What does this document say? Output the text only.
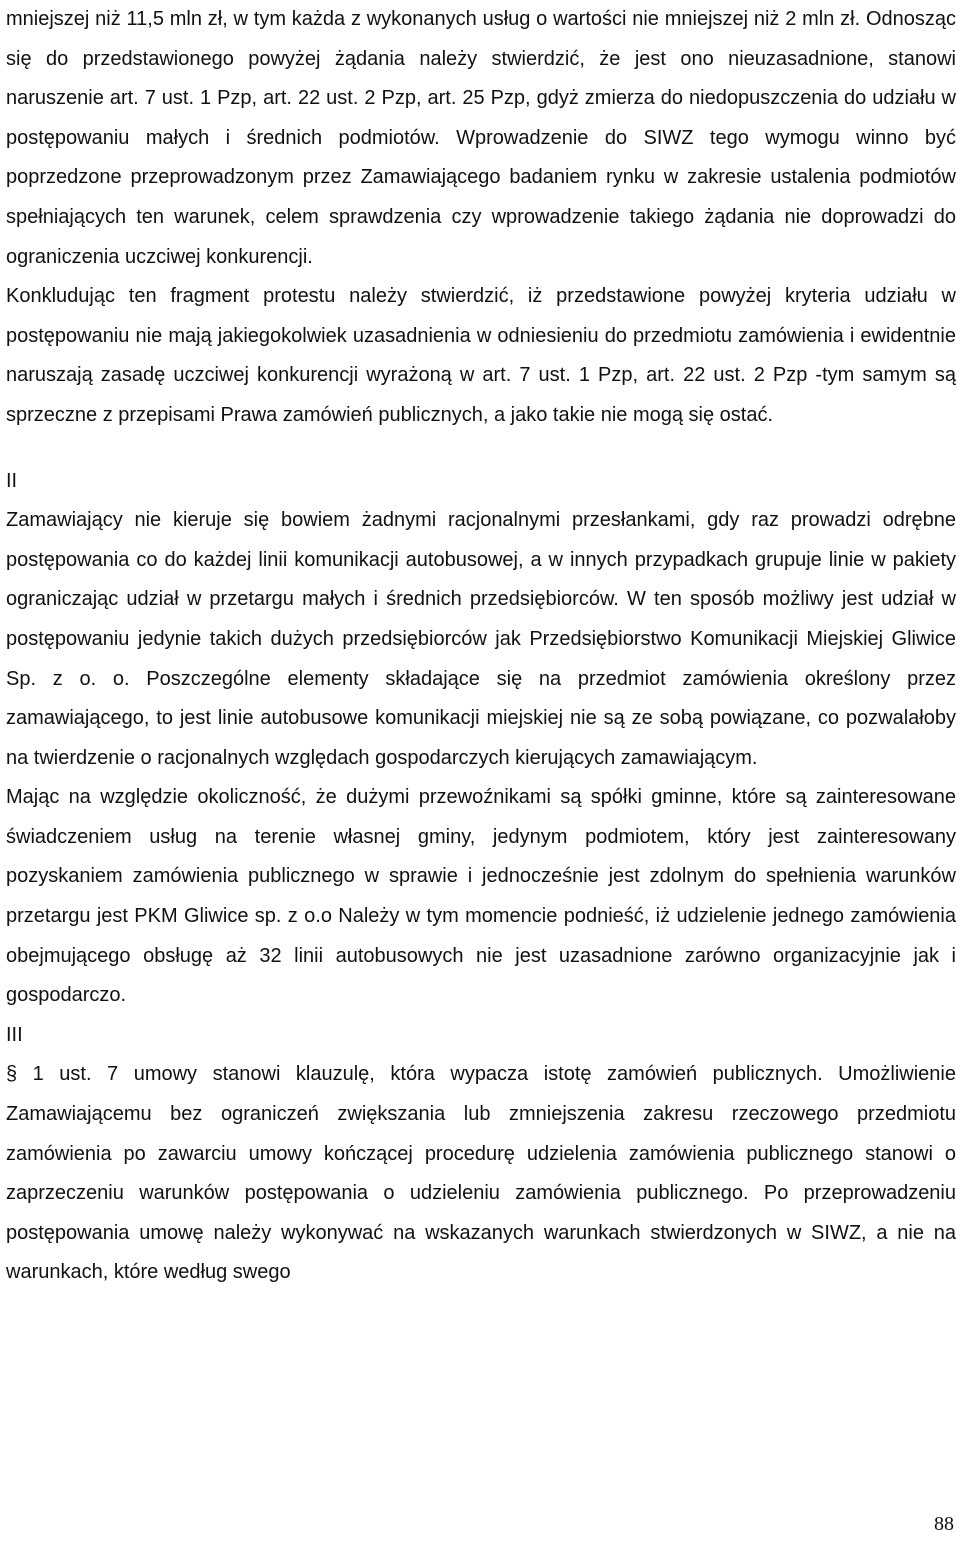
mniejszej niż 11,5 mln zł, w tym każda z wykonanych usług o wartości nie mniejszej niż 2 mln zł. Odnosząc się do przedstawionego powyżej żądania należy stwierdzić, że jest ono nieuzasadnione, stanowi naruszenie art. 7 ust. 1 Pzp, art. 22 ust. 2 Pzp, art. 25 Pzp, gdyż zmierza do niedopuszczenia do udziału w postępowaniu małych i średnich podmiotów. Wprowadzenie do SIWZ tego wymogu winno być poprzedzone przeprowadzonym przez Zamawiającego badaniem rynku w zakresie ustalenia podmiotów spełniających ten warunek, celem sprawdzenia czy wprowadzenie takiego żądania nie doprowadzi do ograniczenia uczciwej konkurencji.

Konkludując ten fragment protestu należy stwierdzić, iż przedstawione powyżej kryteria udziału w postępowaniu nie mają jakiegokolwiek uzasadnienia w odniesieniu do przedmiotu zamówienia i ewidentnie naruszają zasadę uczciwej konkurencji wyrażoną w art. 7 ust. 1 Pzp, art. 22 ust. 2 Pzp -tym samym są sprzeczne z przepisami Prawa zamówień publicznych, a jako takie nie mogą się ostać.

II

Zamawiający nie kieruje się bowiem żadnymi racjonalnymi przesłankami, gdy raz prowadzi odrębne postępowania co do każdej linii komunikacji autobusowej, a w innych przypadkach grupuje linie w pakiety ograniczając udział w przetargu małych i średnich przedsiębiorców. W ten sposób możliwy jest udział w postępowaniu jedynie takich dużych przedsiębiorców jak Przedsiębiorstwo Komunikacji Miejskiej Gliwice Sp. z o. o. Poszczególne elementy składające się na przedmiot zamówienia określony przez zamawiającego, to jest linie autobusowe komunikacji miejskiej nie są ze sobą powiązane, co pozwalałoby na twierdzenie o racjonalnych względach gospodarczych kierujących zamawiającym.

Mając na względzie okoliczność, że dużymi przewoźnikami są spółki gminne, które są zainteresowane świadczeniem usług na terenie własnej gminy, jedynym podmiotem, który jest zainteresowany pozyskaniem zamówienia publicznego w sprawie i jednocześnie jest zdolnym do spełnienia warunków przetargu jest PKM Gliwice sp. z o.o Należy w tym momencie podnieść, iż udzielenie jednego zamówienia obejmującego obsługę aż 32 linii autobusowych nie jest uzasadnione zarówno organizacyjnie jak i gospodarczo.

III

§ 1 ust. 7 umowy stanowi klauzulę, która wypacza istotę zamówień publicznych. Umożliwienie Zamawiającemu bez ograniczeń zwiększania lub zmniejszenia zakresu rzeczowego przedmiotu zamówienia po zawarciu umowy kończącej procedurę udzielenia zamówienia publicznego stanowi o zaprzeczeniu warunków postępowania o udzieleniu zamówienia publicznego. Po przeprowadzeniu postępowania umowę należy wykonywać na wskazanych warunkach stwierdzonych w SIWZ, a nie na warunkach, które według swego

88
